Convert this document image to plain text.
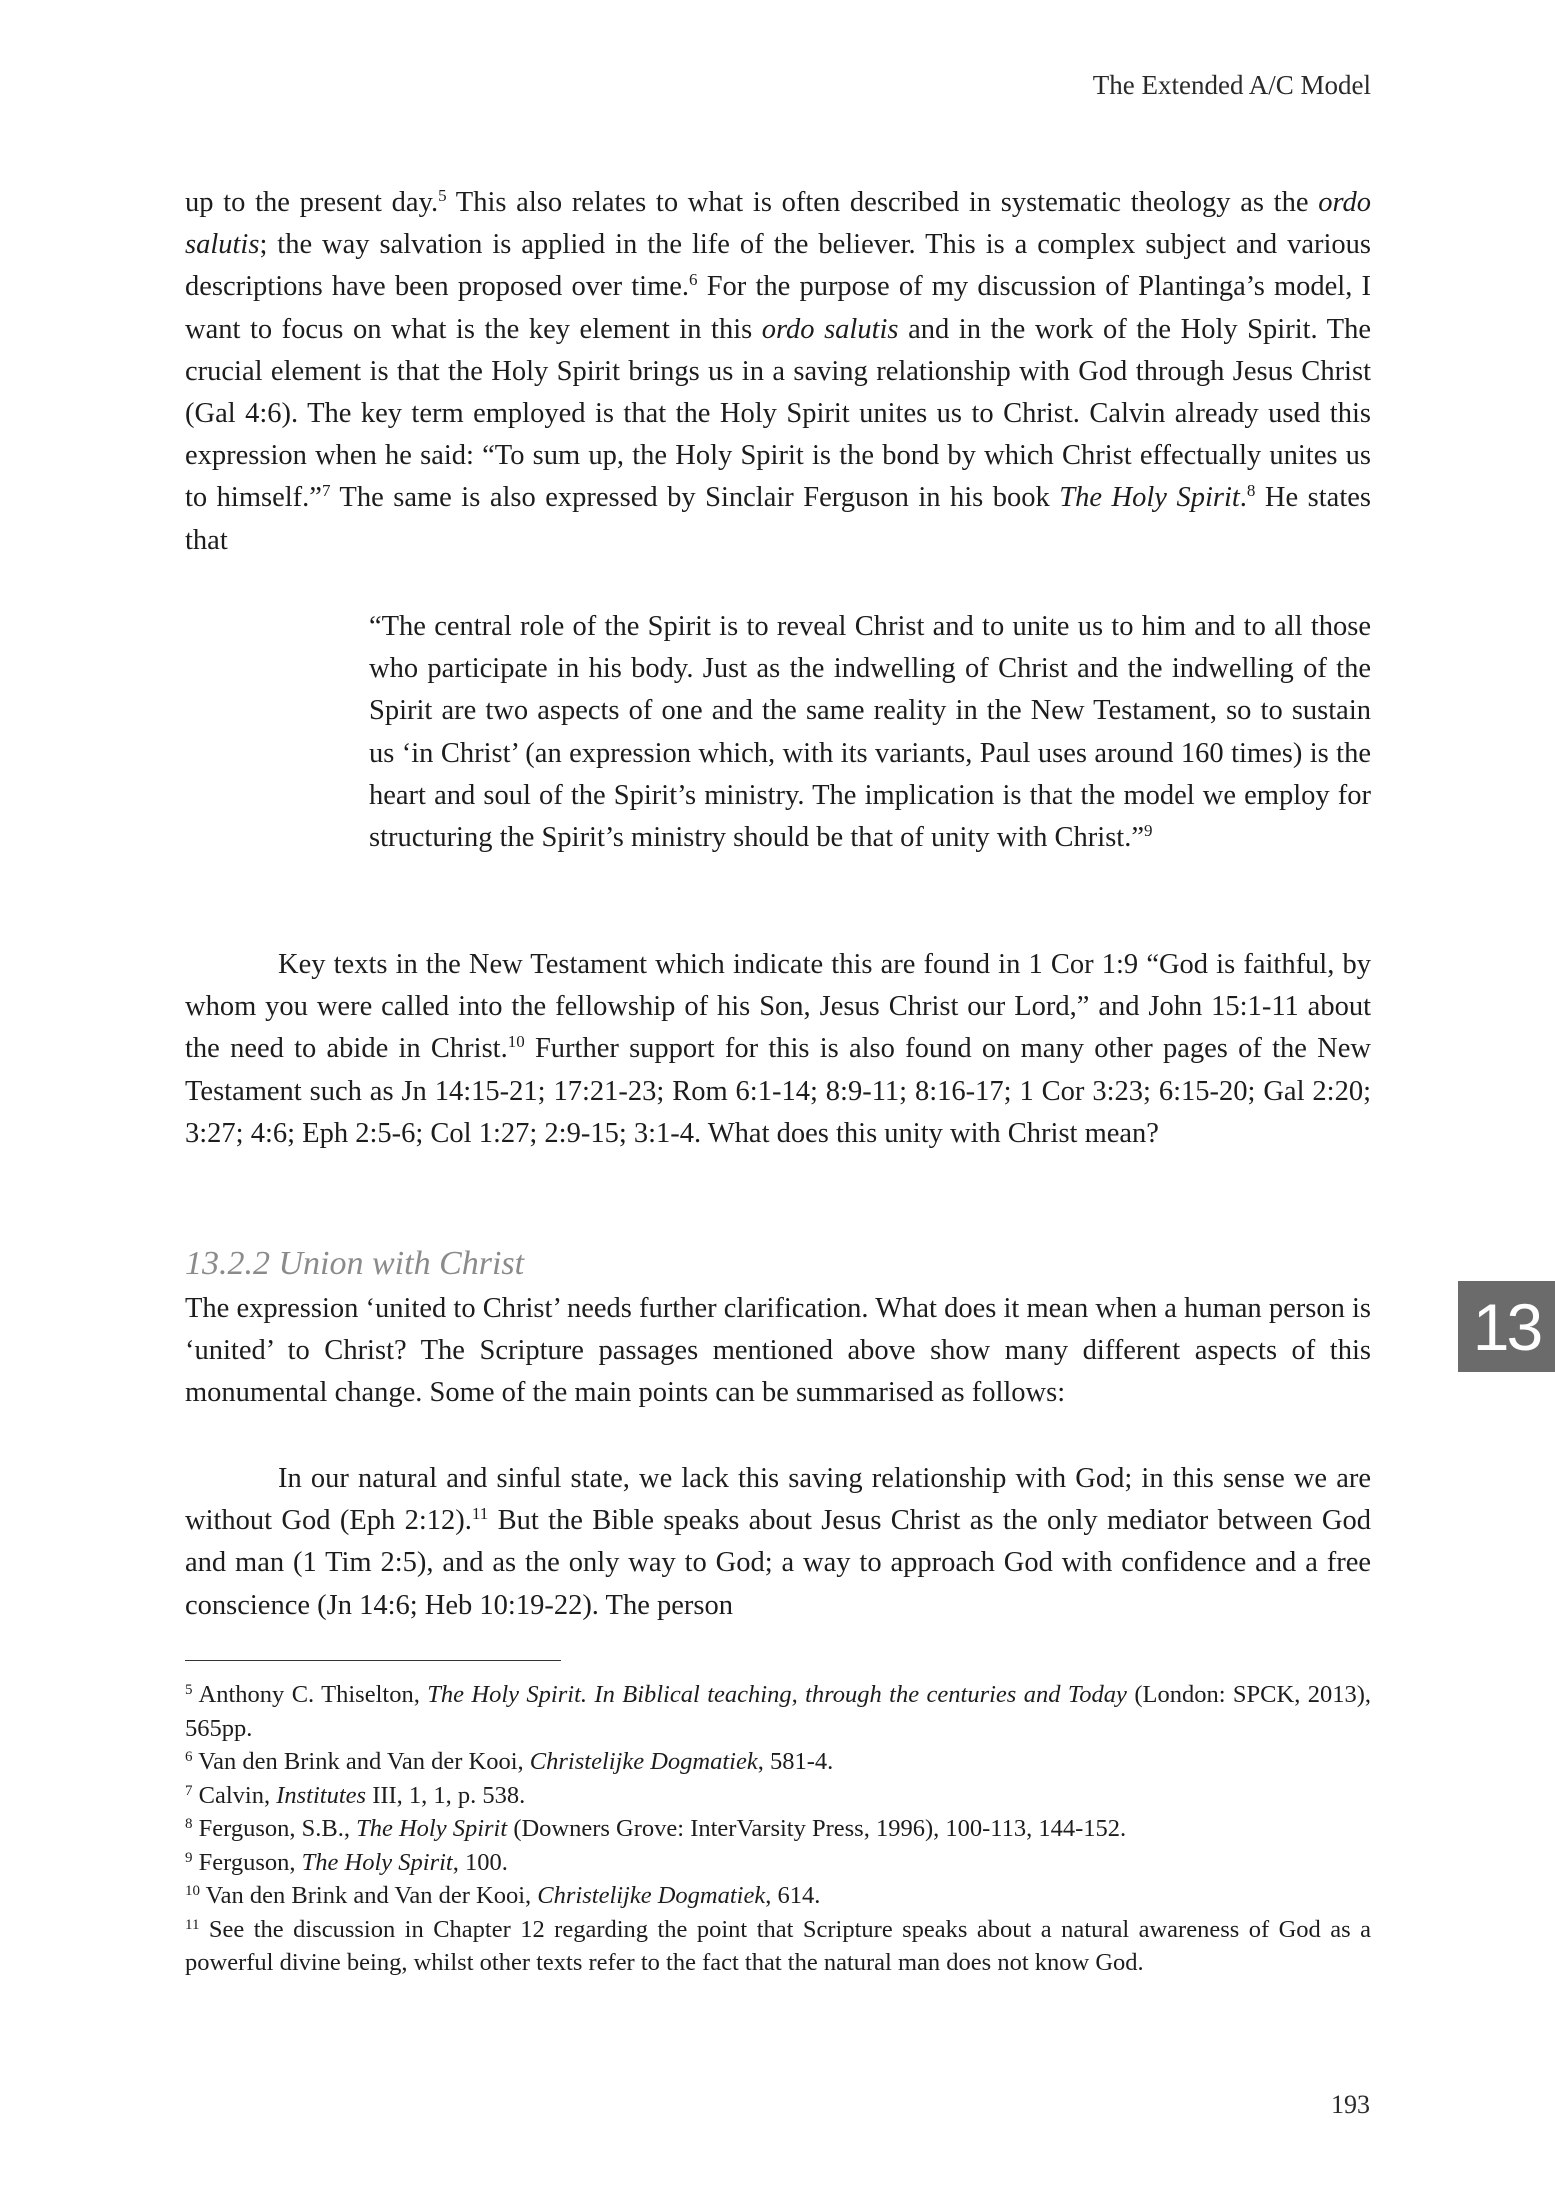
The Extended A/C Model

up to the present day.$^5$ This also relates to what is often described in systematic theology as the ordo salutis; the way salvation is applied in the life of the believer. This is a complex subject and various descriptions have been proposed over time.$^6$ For the purpose of my discussion of Plantinga’s model, I want to focus on what is the key element in this ordo salutis and in the work of the Holy Spirit. The crucial element is that the Holy Spirit brings us in a saving relationship with God through Jesus Christ (Gal 4:6). The key term employed is that the Holy Spirit unites us to Christ. Calvin already used this expression when he said: “To sum up, the Holy Spirit is the bond by which Christ effectually unites us to himself.”$^7$ The same is also expressed by Sinclair Ferguson in his book The Holy Spirit.$^8$ He states that

“The central role of the Spirit is to reveal Christ and to unite us to him and to all those who participate in his body. Just as the indwelling of Christ and the indwelling of the Spirit are two aspects of one and the same reality in the New Testament, so to sustain us ‘in Christ’ (an expression which, with its variants, Paul uses around 160 times) is the heart and soul of the Spirit’s ministry. The implication is that the model we employ for structuring the Spirit’s ministry should be that of unity with Christ.”$^9$

Key texts in the New Testament which indicate this are found in 1 Cor 1:9 “God is faithful, by whom you were called into the fellowship of his Son, Jesus Christ our Lord,” and John 15:1-11 about the need to abide in Christ.$^{10}$ Further support for this is also found on many other pages of the New Testament such as Jn 14:15-21; 17:21-23; Rom 6:1-14; 8:9-11; 8:16-17; 1 Cor 3:23; 6:15-20; Gal 2:20; 3:27; 4:6; Eph 2:5-6; Col 1:27; 2:9-15; 3:1-4. What does this unity with Christ mean?

13.2.2 Union with Christ

The expression ‘united to Christ’ needs further clarification. What does it mean when a human person is ‘united’ to Christ? The Scripture passages mentioned above show many different aspects of this monumental change. Some of the main points can be summarised as follows:

In our natural and sinful state, we lack this saving relationship with God; in this sense we are without God (Eph 2:12).$^{11}$ But the Bible speaks about Jesus Christ as the only mediator between God and man (1 Tim 2:5), and as the only way to God; a way to approach God with confidence and a free conscience (Jn 14:6; Heb 10:19-22). The person

13

$^5$ Anthony C. Thiselton, The Holy Spirit. In Biblical teaching, through the centuries and Today (London: SPCK, 2013), 565pp.

$^6$ Van den Brink and Van der Kooi, Christelijke Dogmatiek, 581-4.

$^7$ Calvin, Institutes III, 1, 1, p. 538.

$^8$ Ferguson, S.B., The Holy Spirit (Downers Grove: InterVarsity Press, 1996), 100-113, 144-152.

$^9$ Ferguson, The Holy Spirit, 100.

$^{10}$ Van den Brink and Van der Kooi, Christelijke Dogmatiek, 614.

$^{11}$ See the discussion in Chapter 12 regarding the point that Scripture speaks about a natural awareness of God as a powerful divine being, whilst other texts refer to the fact that the natural man does not know God.

193
